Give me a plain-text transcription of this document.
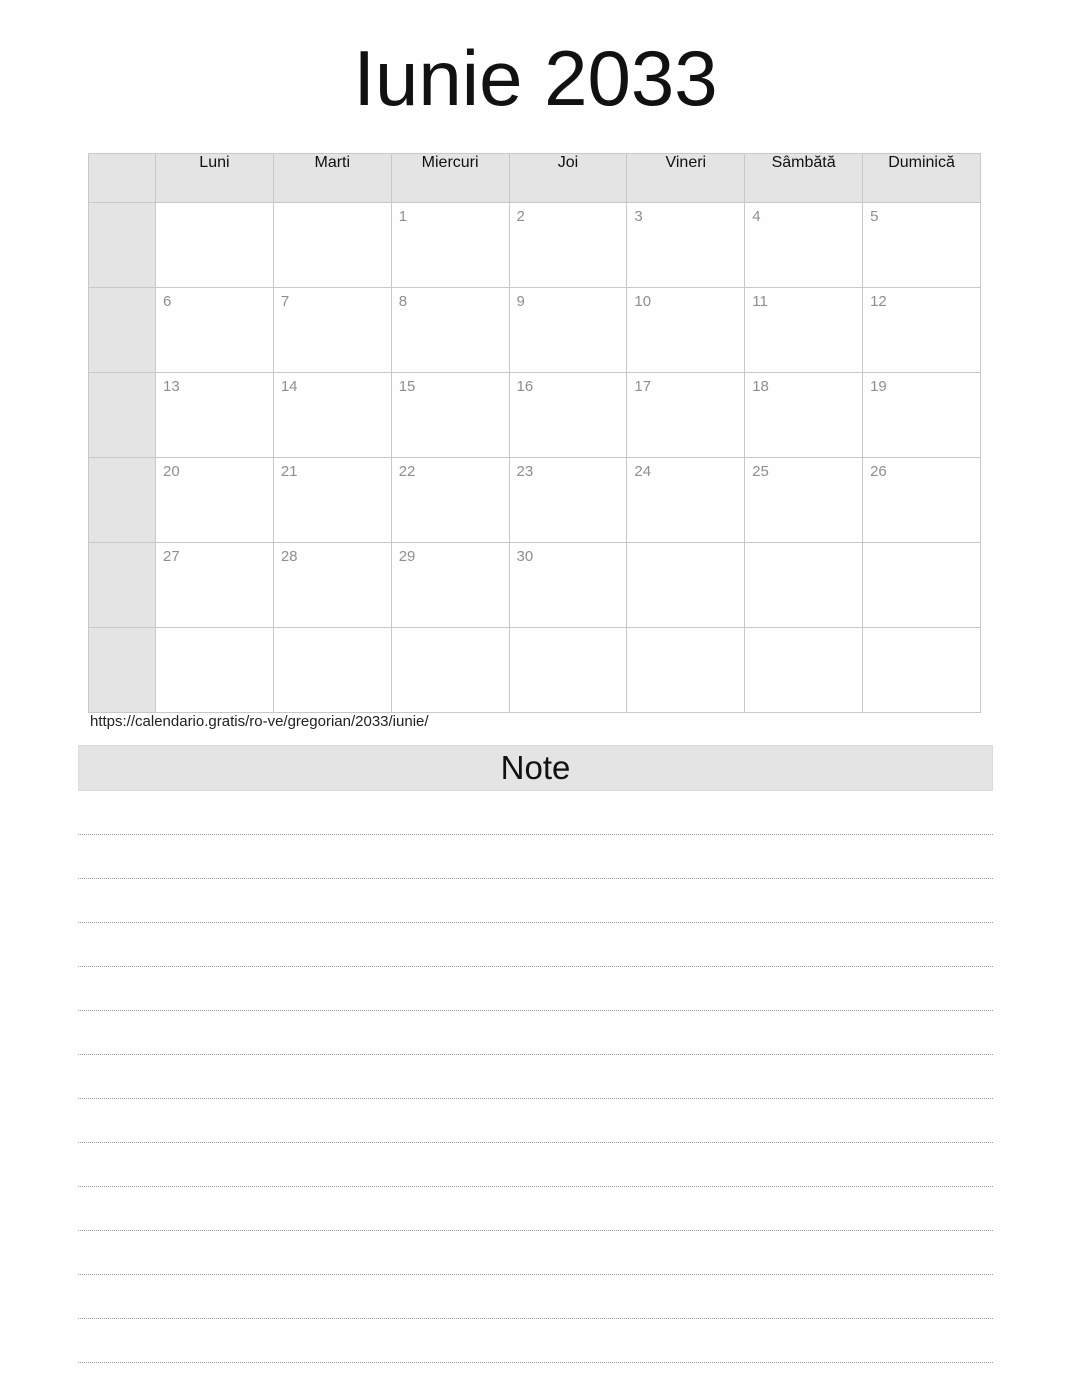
Iunie 2033
	Luni	Marti	Miercuri	Joi	Vineri	Sâmbătă	Duminică

			1	2	3	4	5

	6	7	8	9	10	11	12

	13	14	15	16	17	18	19

	20	21	22	23	24	25	26

	27	28	29	30			

https://calendario.gratis/ro-ve/gregorian/2033/iunie/
Note
